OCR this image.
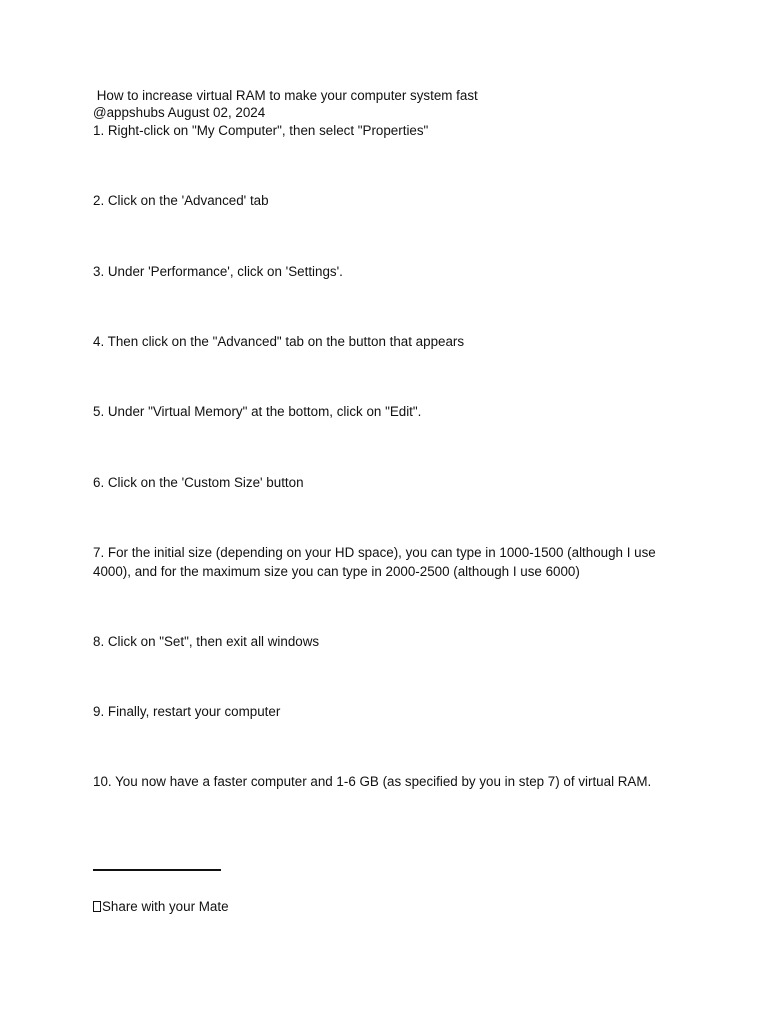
How to increase virtual RAM to make your computer system fast
@appshubs August 02, 2024
1. Right-click on "My Computer", then select "Properties"
2. Click on the 'Advanced' tab
3. Under 'Performance', click on 'Settings'.
4. Then click on the "Advanced" tab on the button that appears
5. Under "Virtual Memory" at the bottom, click on "Edit".
6. Click on the 'Custom Size' button
7. For the initial size (depending on your HD space), you can type in 1000-1500 (although I use 4000), and for the maximum size you can type in 2000-2500 (although I use 6000)
8. Click on "Set", then exit all windows
9. Finally, restart your computer
10. You now have a faster computer and 1-6 GB (as specified by you in step 7) of virtual RAM.
Share with your Mate
